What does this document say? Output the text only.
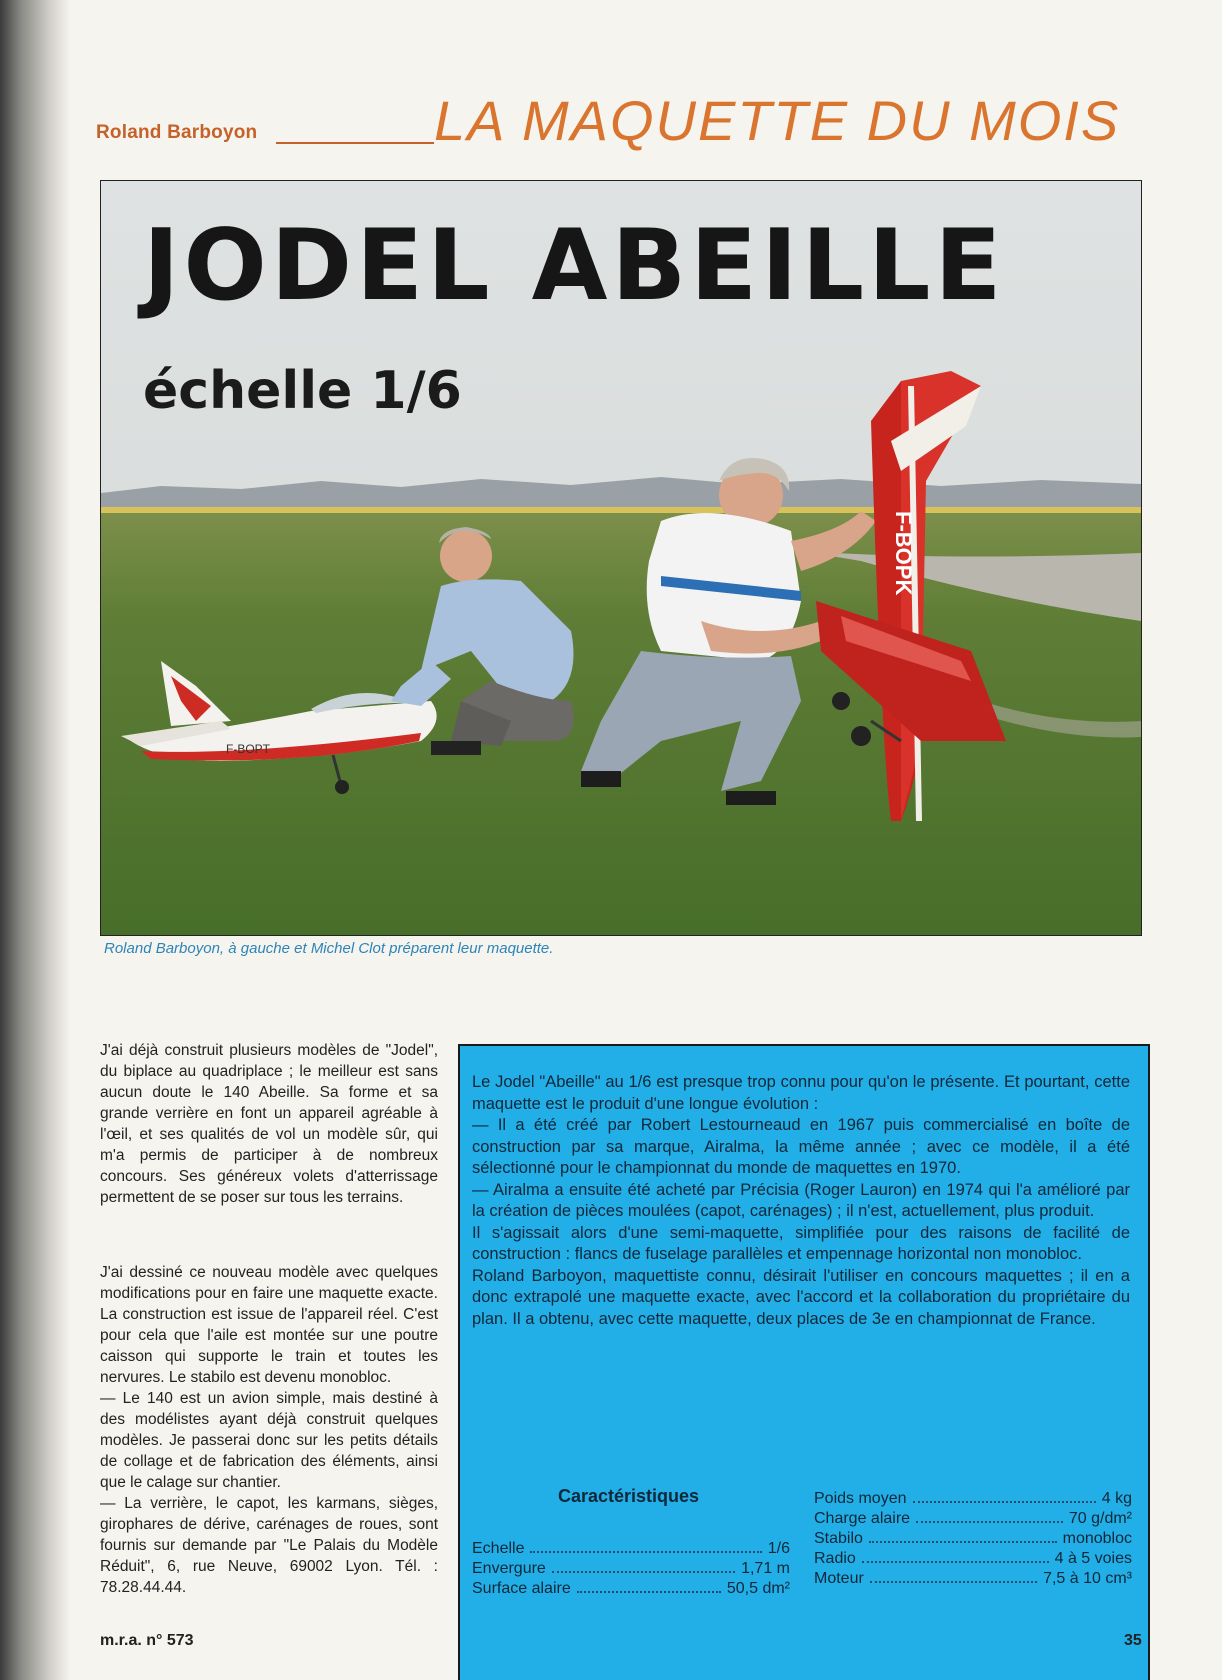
Roland Barboyon	LA MAQUETTE DU MOIS
F-BOPT
F-BOPK
JODEL ABEILLE
échelle 1/6
Roland Barboyon, à gauche et Michel Clot préparent leur maquette.

J'ai déjà construit plusieurs modèles de "Jodel", du biplace au quadriplace ; le meilleur est sans aucun doute le 140 Abeille. Sa forme et sa grande verrière en font un appareil agréable à l'œil, et ses qualités de vol un modèle sûr, qui m'a permis de participer à de nombreux concours. Ses généreux volets d'atterrissage permettent de se poser sur tous les terrains.

J'ai dessiné ce nouveau modèle avec quelques modifications pour en faire une maquette exacte. La construction est issue de l'appareil réel. C'est pour cela que l'aile est montée sur une poutre caisson qui supporte le train et toutes les nervures. Le stabilo est devenu monobloc.

— Le 140 est un avion simple, mais destiné à des modélistes ayant déjà construit quelques modèles. Je passerai donc sur les petits détails de collage et de fabrication des éléments, ainsi que le calage sur chantier.

— La verrière, le capot, les karmans, sièges, girophares de dérive, carénages de roues, sont fournis sur demande par "Le Palais du Modèle Réduit", 6, rue Neuve, 69002 Lyon. Tél. : 78.28.44.44.

Le Jodel "Abeille" au 1/6 est presque trop connu pour qu'on le présente. Et pourtant, cette maquette est le produit d'une longue évolution :

— Il a été créé par Robert Lestourneaud en 1967 puis commercialisé en boîte de construction par sa marque, Airalma, la même année ; avec ce modèle, il a été sélectionné pour le championnat du monde de maquettes en 1970.

— Airalma a ensuite été acheté par Précisia (Roger Lauron) en 1974 qui l'a amélioré par la création de pièces moulées (capot, carénages) ; il n'est, actuellement, plus produit.

Il s'agissait alors d'une semi-maquette, simplifiée pour des raisons de facilité de construction : flancs de fuselage parallèles et empennage horizontal non monobloc.

Roland Barboyon, maquettiste connu, désirait l'utiliser en concours maquettes ; il en a donc extrapolé une maquette exacte, avec l'accord et la collaboration du propriétaire du plan. Il a obtenu, avec cette maquette, deux places de 3e en championnat de France.

Caractéristiques
Echelle	1/6
Envergure	1,71 m
Surface alaire	50,5 dm²
Poids moyen	4 kg
Charge alaire	70 g/dm²
Stabilo	monobloc
Radio	4 à 5 voies
Moteur	7,5 à 10 cm³
m.r.a. n° 573	35
